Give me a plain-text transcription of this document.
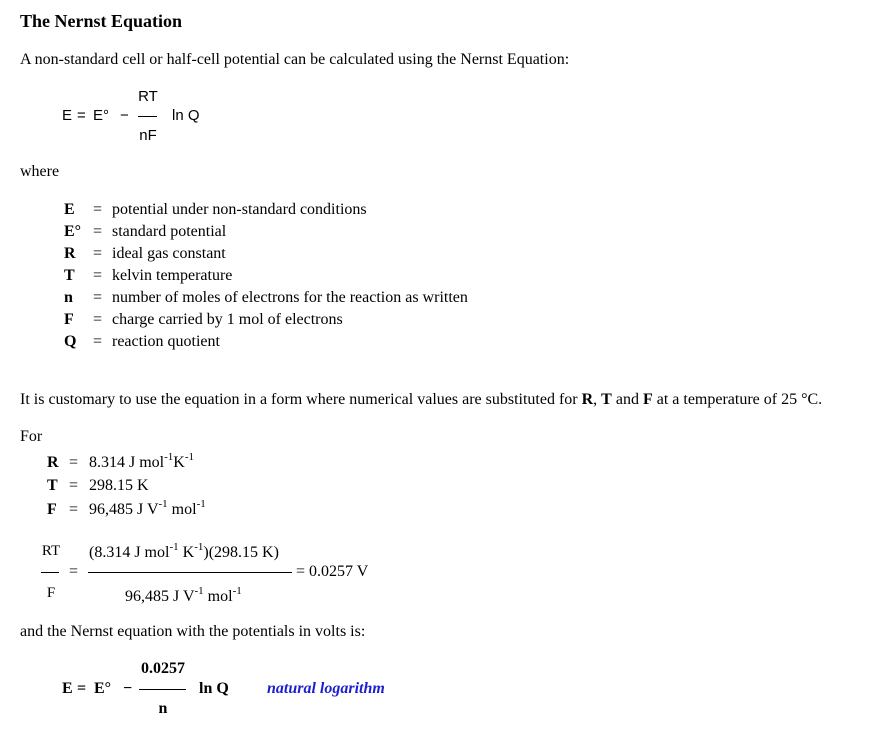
The Nernst Equation
A non-standard cell or half-cell potential can be calculated using the Nernst Equation:
E = E° −
RT
nF
ln Q
where
E = potential under non-standard conditions
E° = standard potential
R = ideal gas constant
T = kelvin temperature
n = number of moles of electrons for the reaction as written
F = charge carried by 1 mol of electrons
Q = reaction quotient
It is customary to use the equation in a form where numerical values are substituted for R, T and F at a temperature of 25 °C.
For
R = 8.314 J $mol^{-1}K^{-1}$
T = 298.15 K
F = 96,485 J $V^{-1}$ mol$^{-1}$
RT
F
=
(8.314 J mol$^{-1}$ $K^{-1})(298.15$ K)
96,485 J $V^{-1}$ mol$^{-1}$
= 0.0257 V
and the Nernst equation with the potentials in volts is:
E = E° −
0.0257
n
ln Q natural logarithm
